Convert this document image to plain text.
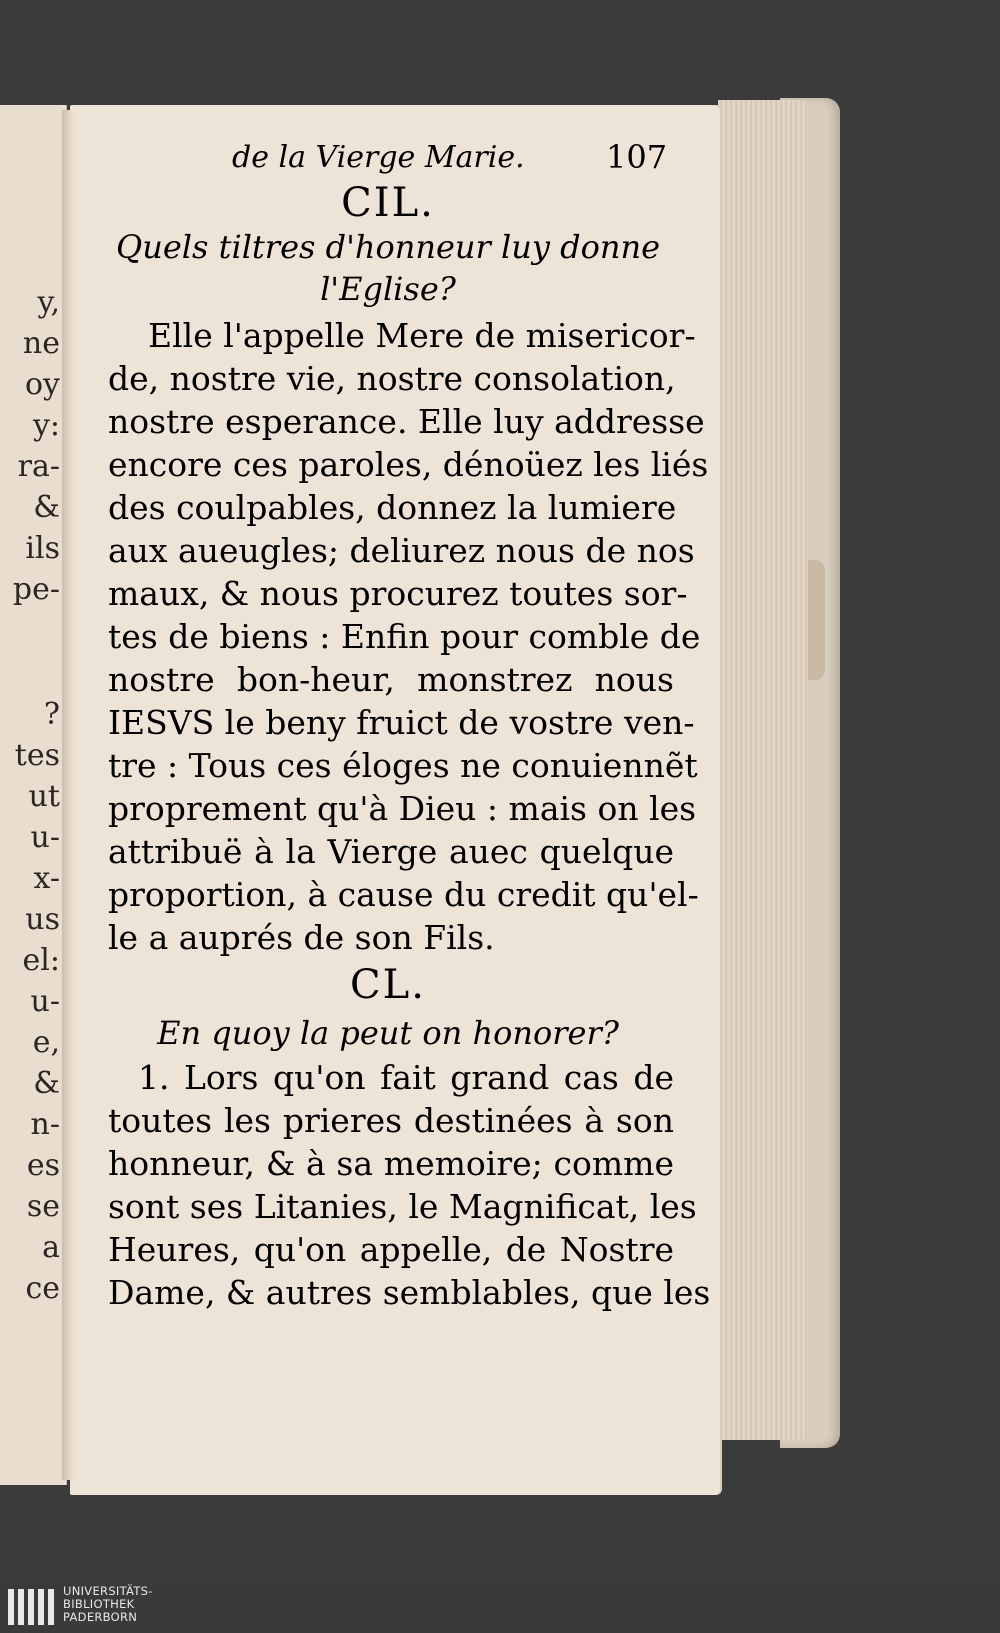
y,
ne
oy
y:
ra-
&
ils
pe-
?
tes
ut
u-
x-
us
el:
u-
e,
&
n-
es
se
a
ce
de la Vierge Marie.	107
CIL.
Quels tiltres d'honneur luy donne
l'Eglise?
Elle l'appelle Mere de misericor-
de, nostre vie, nostre consolation,
nostre esperance. Elle luy addresse
encore ces paroles, dénoüez les liés
des coulpables, donnez la lumiere
aux aueugles; deliurez nous de nos
maux, & nous procurez toutes sor-
tes de biens : Enfin pour comble de
nostre bon-heur, monstrez nous
IESVS le beny fruict de vostre ven-
tre : Tous ces éloges ne conuiennẽt
proprement qu'à Dieu : mais on les
attribuë à la Vierge auec quelque
proportion, à cause du credit qu'el-
le a auprés de son Fils.
CL.
En quoy la peut on honorer?
1. Lors qu'on fait grand cas de
toutes les prieres destinées à son
honneur, & à sa memoire; comme
sont ses Litanies, le Magnificat, les
Heures, qu'on appelle, de Nostre
Dame, & autres semblables, que les
UNIVERSITÄTS-
BIBLIOTHEK
PADERBORN
